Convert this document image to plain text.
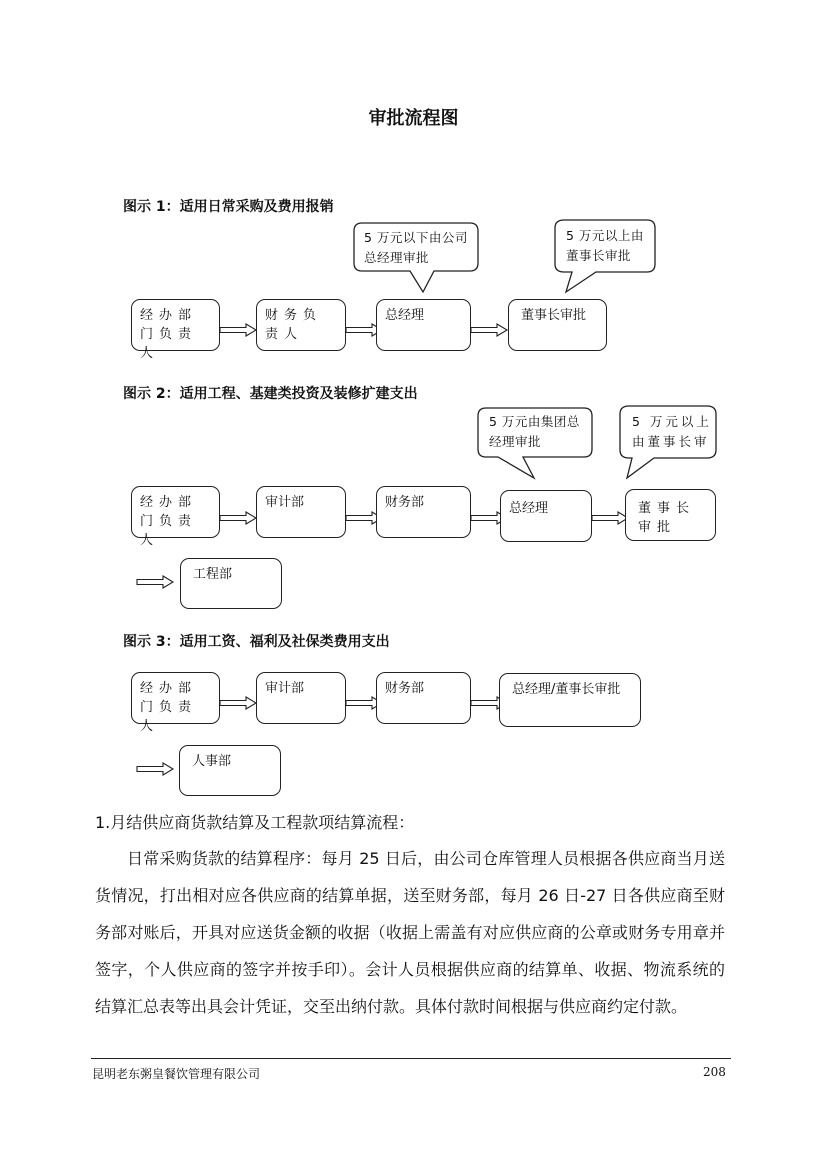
审批流程图
图示 1：适用日常采购及费用报销
5 万元以下由公司
总经理审批
5 万元以上由
董事长审批
经办部门负责人
财务负责人
总经理	董事长审批
图示 2：适用工程、基建类投资及装修扩建支出
5 万元由集团总
经理审批
5 万元以上
由董事长审
经办部门负责人
审计部	财务部	总经理	董事长审批
工程部
图示 3：适用工资、福利及社保类费用支出
经办部门负责人
审计部	财务部	总经理/董事长审批
人事部
1.月结供应商货款结算及工程款项结算流程：
日常采购货款的结算程序：每月 25 日后，由公司仓库管理人员根据各供应商当月送货情况，打出相对应各供应商的结算单据，送至财务部，每月 26 日-27 日各供应商至财务部对账后，开具对应送货金额的收据（收据上需盖有对应供应商的公章或财务专用章并签字，个人供应商的签字并按手印）。会计人员根据供应商的结算单、收据、物流系统的结算汇总表等出具会计凭证，交至出纳付款。具体付款时间根据与供应商约定付款。
昆明老东粥皇餐饮管理有限公司	208
